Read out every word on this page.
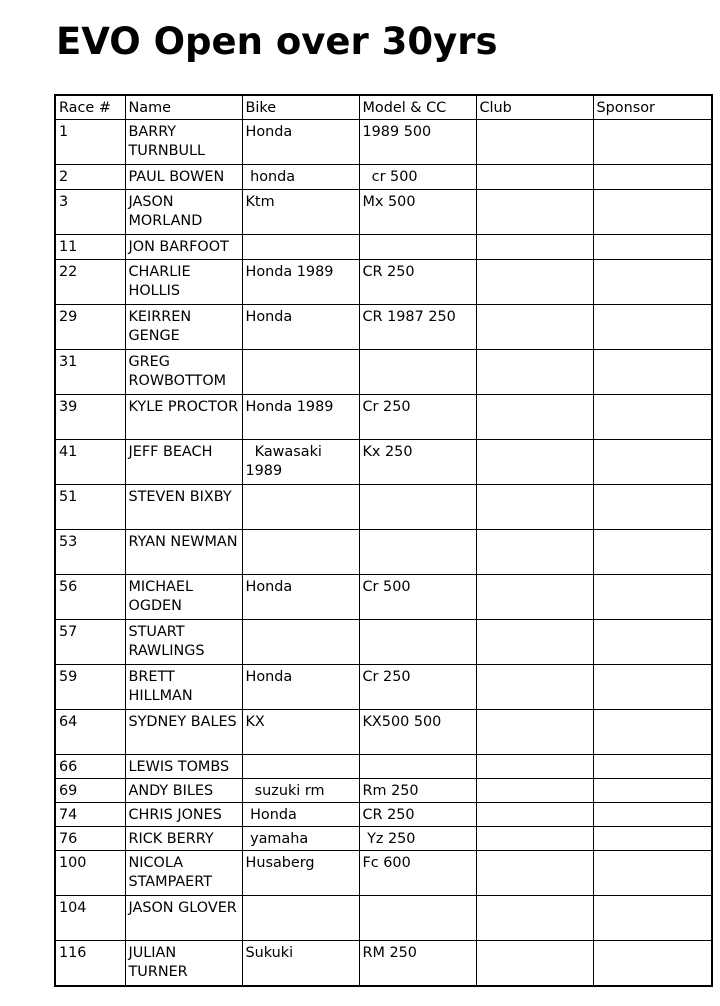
EVO Open over 30yrs
Race #	Name	Bike	Model & CC	Club	Sponsor
1	BARRY TURNBULL	Honda	1989 500		
2	PAUL BOWEN	honda	cr 500		
3	JASON MORLAND	Ktm	Mx 500		
11	JON BARFOOT				
22	CHARLIE HOLLIS	Honda 1989	CR 250		
29	KEIRREN GENGE	Honda	CR 1987 250		
31	GREG ROWBOTTOM				
39	KYLE PROCTOR	Honda 1989	Cr 250		
41	JEFF BEACH	Kawasaki 1989	Kx 250		
51	STEVEN BIXBY				
53	RYAN NEWMAN				
56	MICHAEL OGDEN	Honda	Cr 500		
57	STUART RAWLINGS				
59	BRETT HILLMAN	Honda	Cr 250		
64	SYDNEY BALES	KX	KX500 500		
66	LEWIS TOMBS				
69	ANDY BILES	suzuki rm	Rm 250		
74	CHRIS JONES	Honda	CR 250		
76	RICK BERRY	yamaha	Yz 250		
100	NICOLA STAMPAERT	Husaberg	Fc 600		
104	JASON GLOVER				
116	JULIAN TURNER	Sukuki	RM 250		
